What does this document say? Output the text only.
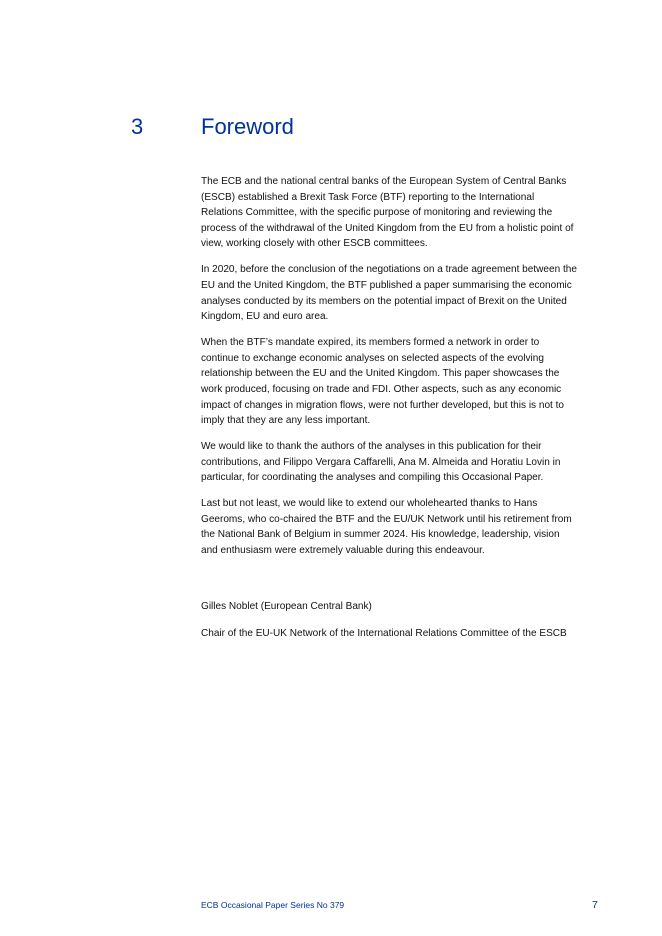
3	Foreword

The ECB and the national central banks of the European System of Central Banks
(ESCB) established a Brexit Task Force (BTF) reporting to the International
Relations Committee, with the specific purpose of monitoring and reviewing the
process of the withdrawal of the United Kingdom from the EU from a holistic point of
view, working closely with other ESCB committees.

In 2020, before the conclusion of the negotiations on a trade agreement between the
EU and the United Kingdom, the BTF published a paper summarising the economic
analyses conducted by its members on the potential impact of Brexit on the United
Kingdom, EU and euro area.

When the BTF’s mandate expired, its members formed a network in order to
continue to exchange economic analyses on selected aspects of the evolving
relationship between the EU and the United Kingdom. This paper showcases the
work produced, focusing on trade and FDI. Other aspects, such as any economic
impact of changes in migration flows, were not further developed, but this is not to
imply that they are any less important.

We would like to thank the authors of the analyses in this publication for their
contributions, and Filippo Vergara Caffarelli, Ana M. Almeida and Horatiu Lovin in
particular, for coordinating the analyses and compiling this Occasional Paper.

Last but not least, we would like to extend our wholehearted thanks to Hans
Geeroms, who co-chaired the BTF and the EU/UK Network until his retirement from
the National Bank of Belgium in summer 2024. His knowledge, leadership, vision
and enthusiasm were extremely valuable during this endeavour.

Gilles Noblet (European Central Bank)
Chair of the EU-UK Network of the International Relations Committee of the ESCB
ECB Occasional Paper Series No 379	7
